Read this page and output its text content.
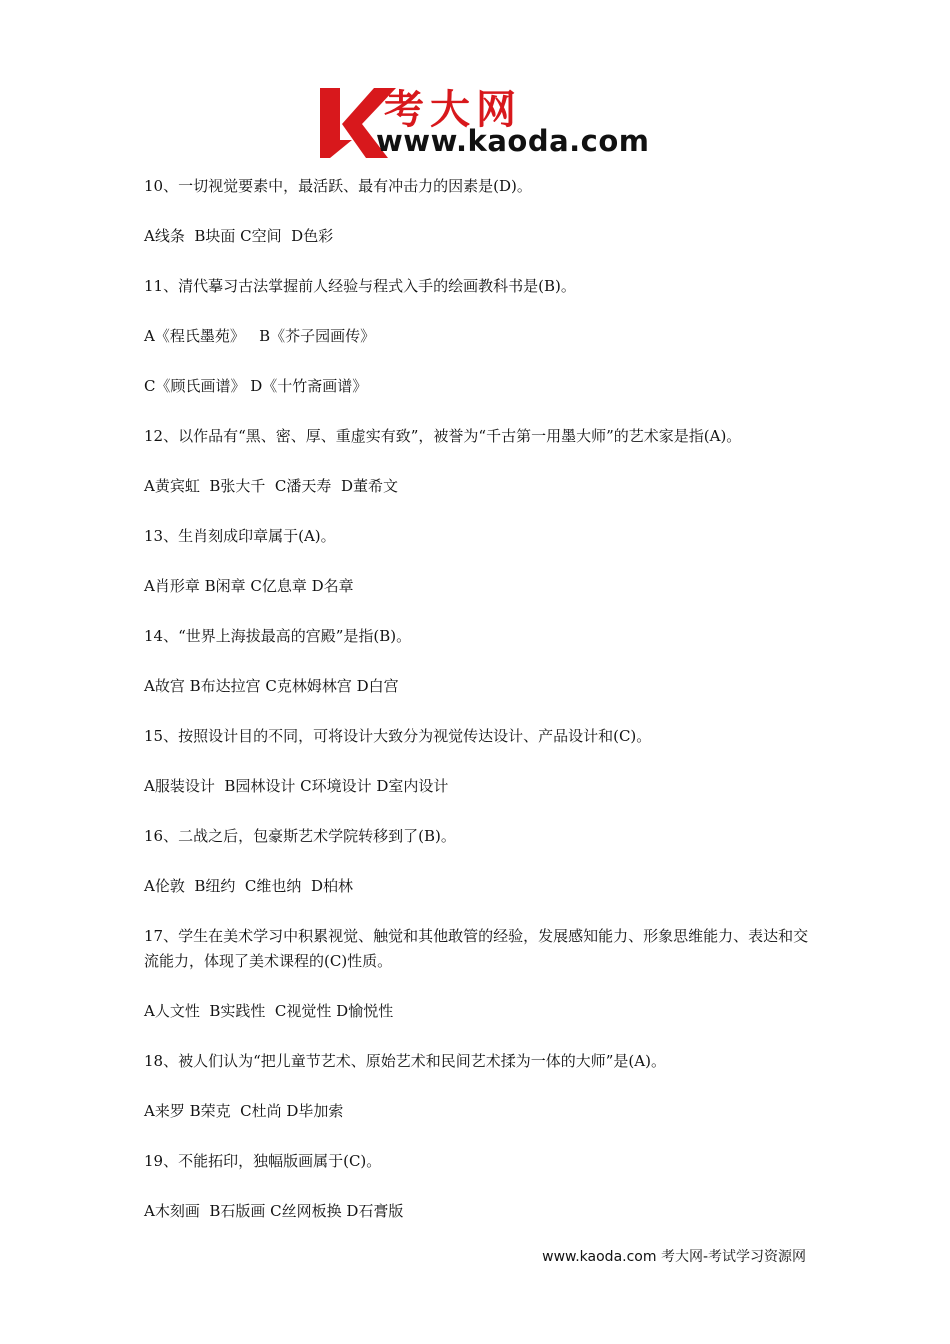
考大网
www.kaoda.com

10、一切视觉要素中，最活跃、最有冲击力的因素是(D)。

A线条  B块面 C空间  D色彩

11、清代摹习古法掌握前人经验与程式入手的绘画教科书是(B)。

A《程氏墨苑》   B《芥子园画传》

C《顾氏画谱》 D《十竹斋画谱》

12、以作品有“黑、密、厚、重虚实有致”，被誉为“千古第一用墨大师”的艺术家是指(A)。

A黄宾虹  B张大千  C潘天寿  D董希文

13、生肖刻成印章属于(A)。

A肖形章 B闲章 C亿息章 D名章

14、“世界上海拔最高的宫殿”是指(B)。

A故宫 B布达拉宫 C克林姆林宫 D白宫

15、按照设计目的不同，可将设计大致分为视觉传达设计、产品设计和(C)。

A服装设计  B园林设计 C环境设计 D室内设计

16、二战之后，包豪斯艺术学院转移到了(B)。

A伦敦  B纽约  C维也纳  D柏林

17、学生在美术学习中积累视觉、触觉和其他敢管的经验，发展感知能力、形象思维能力、表达和交流能力，体现了美术课程的(C)性质。

A人文性  B实践性  C视觉性 D愉悦性

18、被人们认为“把儿童节艺术、原始艺术和民间艺术揉为一体的大师”是(A)。

A来罗 B荣克  C杜尚 D毕加索

19、不能拓印，独幅版画属于(C)。

A木刻画  B石版画 C丝网板换 D石膏版

www.kaoda.com 考大网-考试学习资源网
